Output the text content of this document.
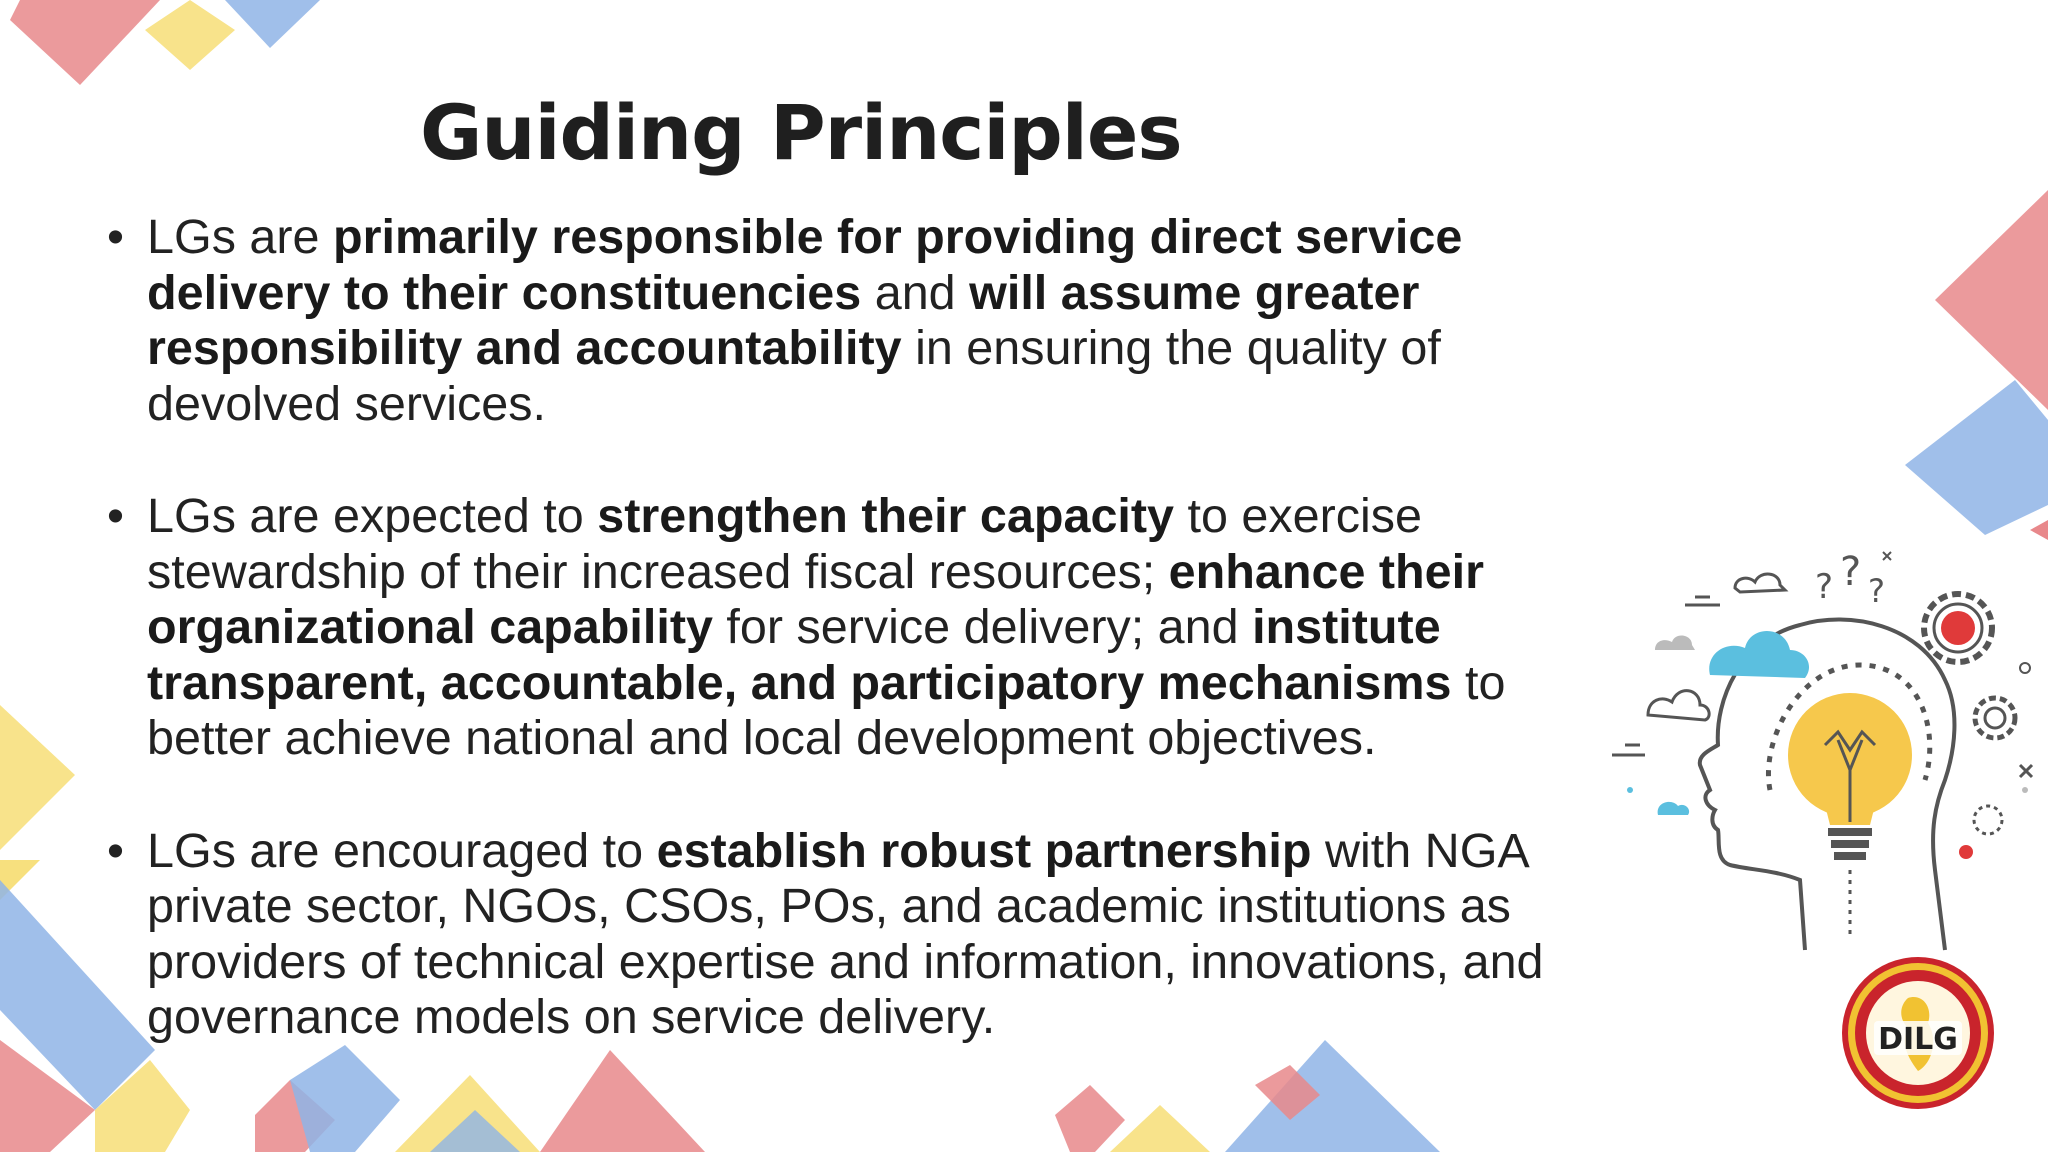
Guiding Principles
• LGs are primarily responsible for providing direct service
delivery to their constituencies and will assume greater
responsibility and accountability in ensuring the quality of
devolved services.
• LGs are expected to strengthen their capacity to exercise
stewardship of their increased fiscal resources; enhance their
organizational capability for service delivery; and institute
transparent, accountable, and participatory mechanisms to
better achieve national and local development objectives.
• LGs are encouraged to establish robust partnership with NGA
private sector, NGOs, CSOs, POs, and academic institutions as
providers of technical expertise and information, innovations, and
governance models on service delivery.
? ? ?
DILG
